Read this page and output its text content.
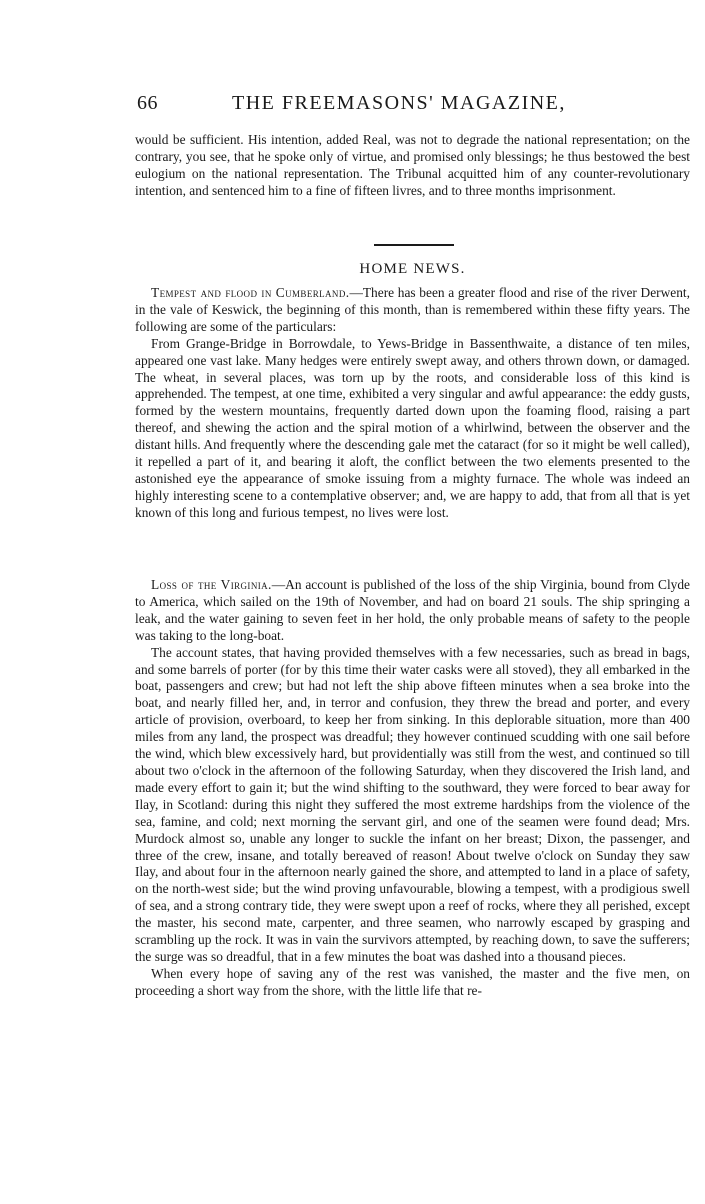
66	THE FREEMASONS' MAGAZINE,

would be sufficient. His intention, added Real, was not to degrade the national representation; on the contrary, you see, that he spoke only of virtue, and promised only blessings; he thus bestowed the best eulogium on the national representation. The Tribunal acquitted him of any counter-revolutionary intention, and sentenced him to a fine of fifteen livres, and to three months imprisonment.

HOME NEWS.

Tempest and flood in Cumberland.—There has been a greater flood and rise of the river Derwent, in the vale of Keswick, the beginning of this month, than is remembered within these fifty years. The following are some of the particulars:

From Grange-Bridge in Borrowdale, to Yews-Bridge in Bassenthwaite, a distance of ten miles, appeared one vast lake. Many hedges were entirely swept away, and others thrown down, or damaged. The wheat, in several places, was torn up by the roots, and considerable loss of this kind is apprehended. The tempest, at one time, exhibited a very singular and awful appearance: the eddy gusts, formed by the western mountains, frequently darted down upon the foaming flood, raising a part thereof, and shewing the action and the spiral motion of a whirlwind, between the observer and the distant hills. And frequently where the descending gale met the cataract (for so it might be well called), it repelled a part of it, and bearing it aloft, the conflict between the two elements presented to the astonished eye the appearance of smoke issuing from a mighty furnace. The whole was indeed an highly interesting scene to a contemplative observer; and, we are happy to add, that from all that is yet known of this long and furious tempest, no lives were lost.

Loss of the Virginia.—An account is published of the loss of the ship Virginia, bound from Clyde to America, which sailed on the 19th of November, and had on board 21 souls. The ship springing a leak, and the water gaining to seven feet in her hold, the only probable means of safety to the people was taking to the long-boat.

The account states, that having provided themselves with a few necessaries, such as bread in bags, and some barrels of porter (for by this time their water casks were all stoved), they all embarked in the boat, passengers and crew; but had not left the ship above fifteen minutes when a sea broke into the boat, and nearly filled her, and, in terror and confusion, they threw the bread and porter, and every article of provision, overboard, to keep her from sinking. In this deplorable situation, more than 400 miles from any land, the prospect was dreadful; they however continued scudding with one sail before the wind, which blew excessively hard, but providentially was still from the west, and continued so till about two o'clock in the afternoon of the following Saturday, when they discovered the Irish land, and made every effort to gain it; but the wind shifting to the southward, they were forced to bear away for Ilay, in Scotland: during this night they suffered the most extreme hardships from the violence of the sea, famine, and cold; next morning the servant girl, and one of the seamen were found dead; Mrs. Murdock almost so, unable any longer to suckle the infant on her breast; Dixon, the passenger, and three of the crew, insane, and totally bereaved of reason! About twelve o'clock on Sunday they saw Ilay, and about four in the afternoon nearly gained the shore, and attempted to land in a place of safety, on the north-west side; but the wind proving unfavourable, blowing a tempest, with a prodigious swell of sea, and a strong contrary tide, they were swept upon a reef of rocks, where they all perished, except the master, his second mate, carpenter, and three seamen, who narrowly escaped by grasping and scrambling up the rock. It was in vain the survivors attempted, by reaching down, to save the sufferers; the surge was so dreadful, that in a few minutes the boat was dashed into a thousand pieces.

When every hope of saving any of the rest was vanished, the master and the five men, on proceeding a short way from the shore, with the little life that re-
